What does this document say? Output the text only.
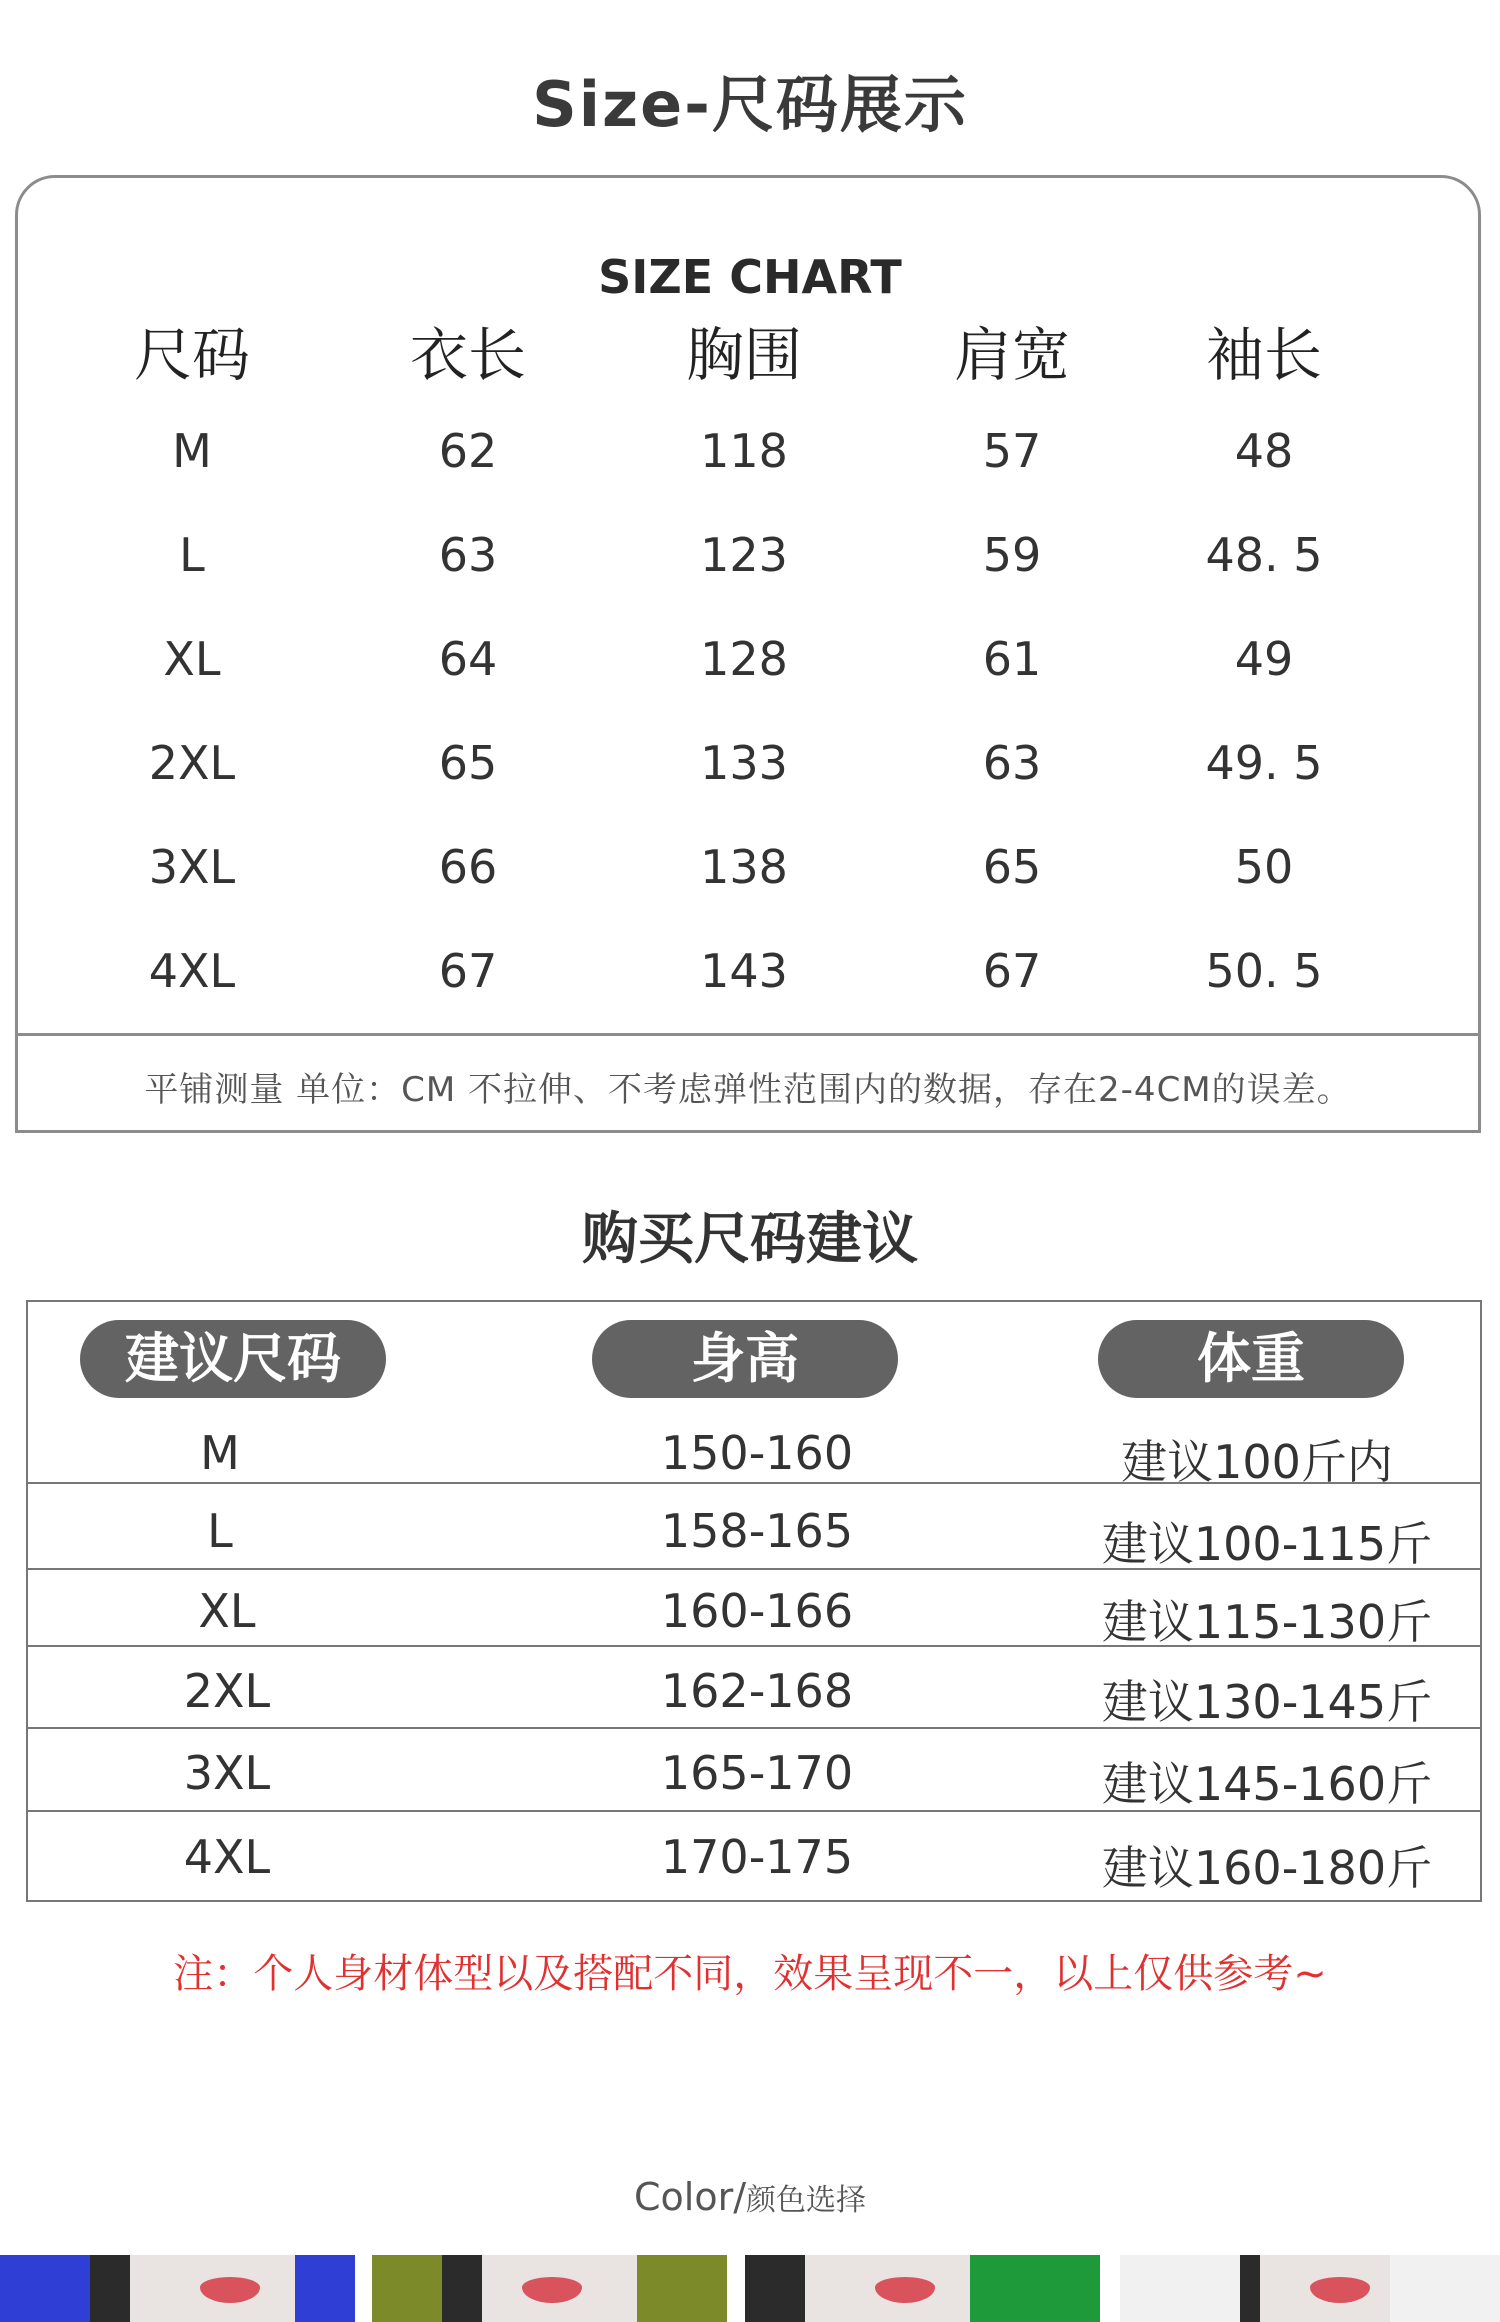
Size-尺码展示
SIZE CHART
尺码	衣长	胸围	肩宽	袖长
M	62	118	57	48
L	63	123	59	48. 5
XL	64	128	61	49
2XL	65	133	63	49. 5
3XL	66	138	65	50
4XL	67	143	67	50. 5
平铺测量 单位：CM 不拉伸、不考虑弹性范围内的数据，存在2-4CM的误差。
购买尺码建议
建议尺码	身高	体重
M	150-160	建议100斤内
L	158-165	建议100-115斤
XL	160-166	建议115-130斤
2XL	162-168	建议130-145斤
3XL	165-170	建议145-160斤
4XL	170-175	建议160-180斤
注：个人身材体型以及搭配不同，效果呈现不一，以上仅供参考~
Color/颜色选择
